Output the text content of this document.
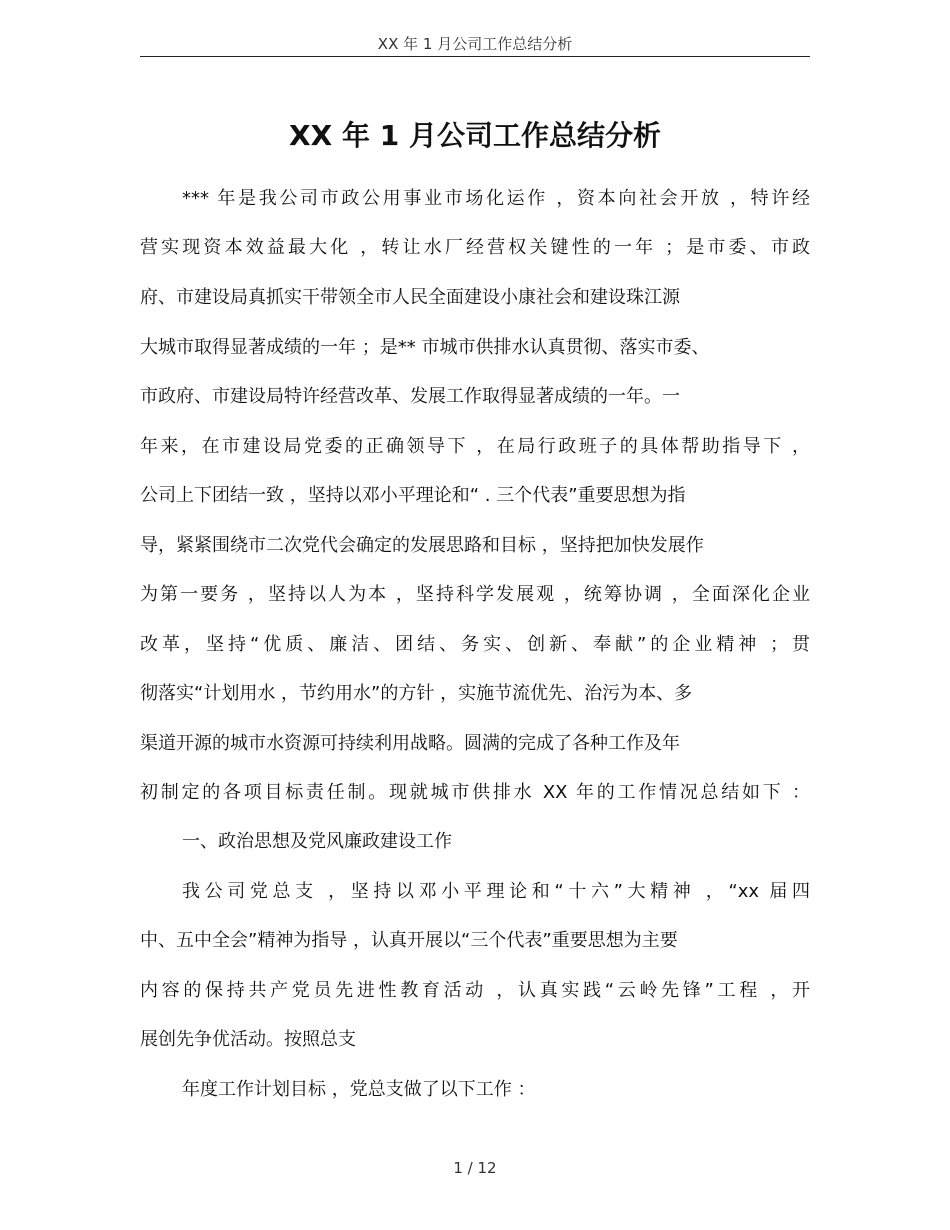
XX 年 1 月公司工作总结分析
XX 年 1 月公司工作总结分析
*** 年是我公司市政公用事业市场化运作 ，资本向社会开放 ，特许经
营实现资本效益最大化 ，转让水厂经营权关键性的一年 ；是市委、市政
府、市建设局真抓实干带领全市人民全面建设小康社会和建设珠江源
大城市取得显著成绩的一年 ；是** 市城市供排水认真贯彻、落实市委、
市政府、市建设局特许经营改革、发展工作取得显著成绩的一年。一
年来，在市建设局党委的正确领导下 ，在局行政班子的具体帮助指导下 ，
公司上下团结一致 ，坚持以邓小平理论和“ . 三个代表”重要思想为指
导，紧紧围绕市二次党代会确定的发展思路和目标 ，坚持把加快发展作
为第一要务 ，坚持以人为本 ，坚持科学发展观 ，统筹协调 ，全面深化企业
改革，坚持“优质、廉洁、团结、务实、创新、奉献”的企业精神 ；贯
彻落实“计划用水 ，节约用水”的方针 ，实施节流优先、治污为本、多
渠道开源的城市水资源可持续利用战略。圆满的完成了各种工作及年
初制定的各项目标责任制。现就城市供排水 XX 年的工作情况总结如下 ：
一、政治思想及党风廉政建设工作
我公司党总支 ，坚持以邓小平理论和“十六”大精神 ，“xx 届四
中、五中全会”精神为指导 ，认真开展以“三个代表”重要思想为主要
内容的保持共产党员先进性教育活动 ，认真实践“云岭先锋”工程 ，开
展创先争优活动。按照总支
年度工作计划目标 ，党总支做了以下工作 ：
1 / 12
